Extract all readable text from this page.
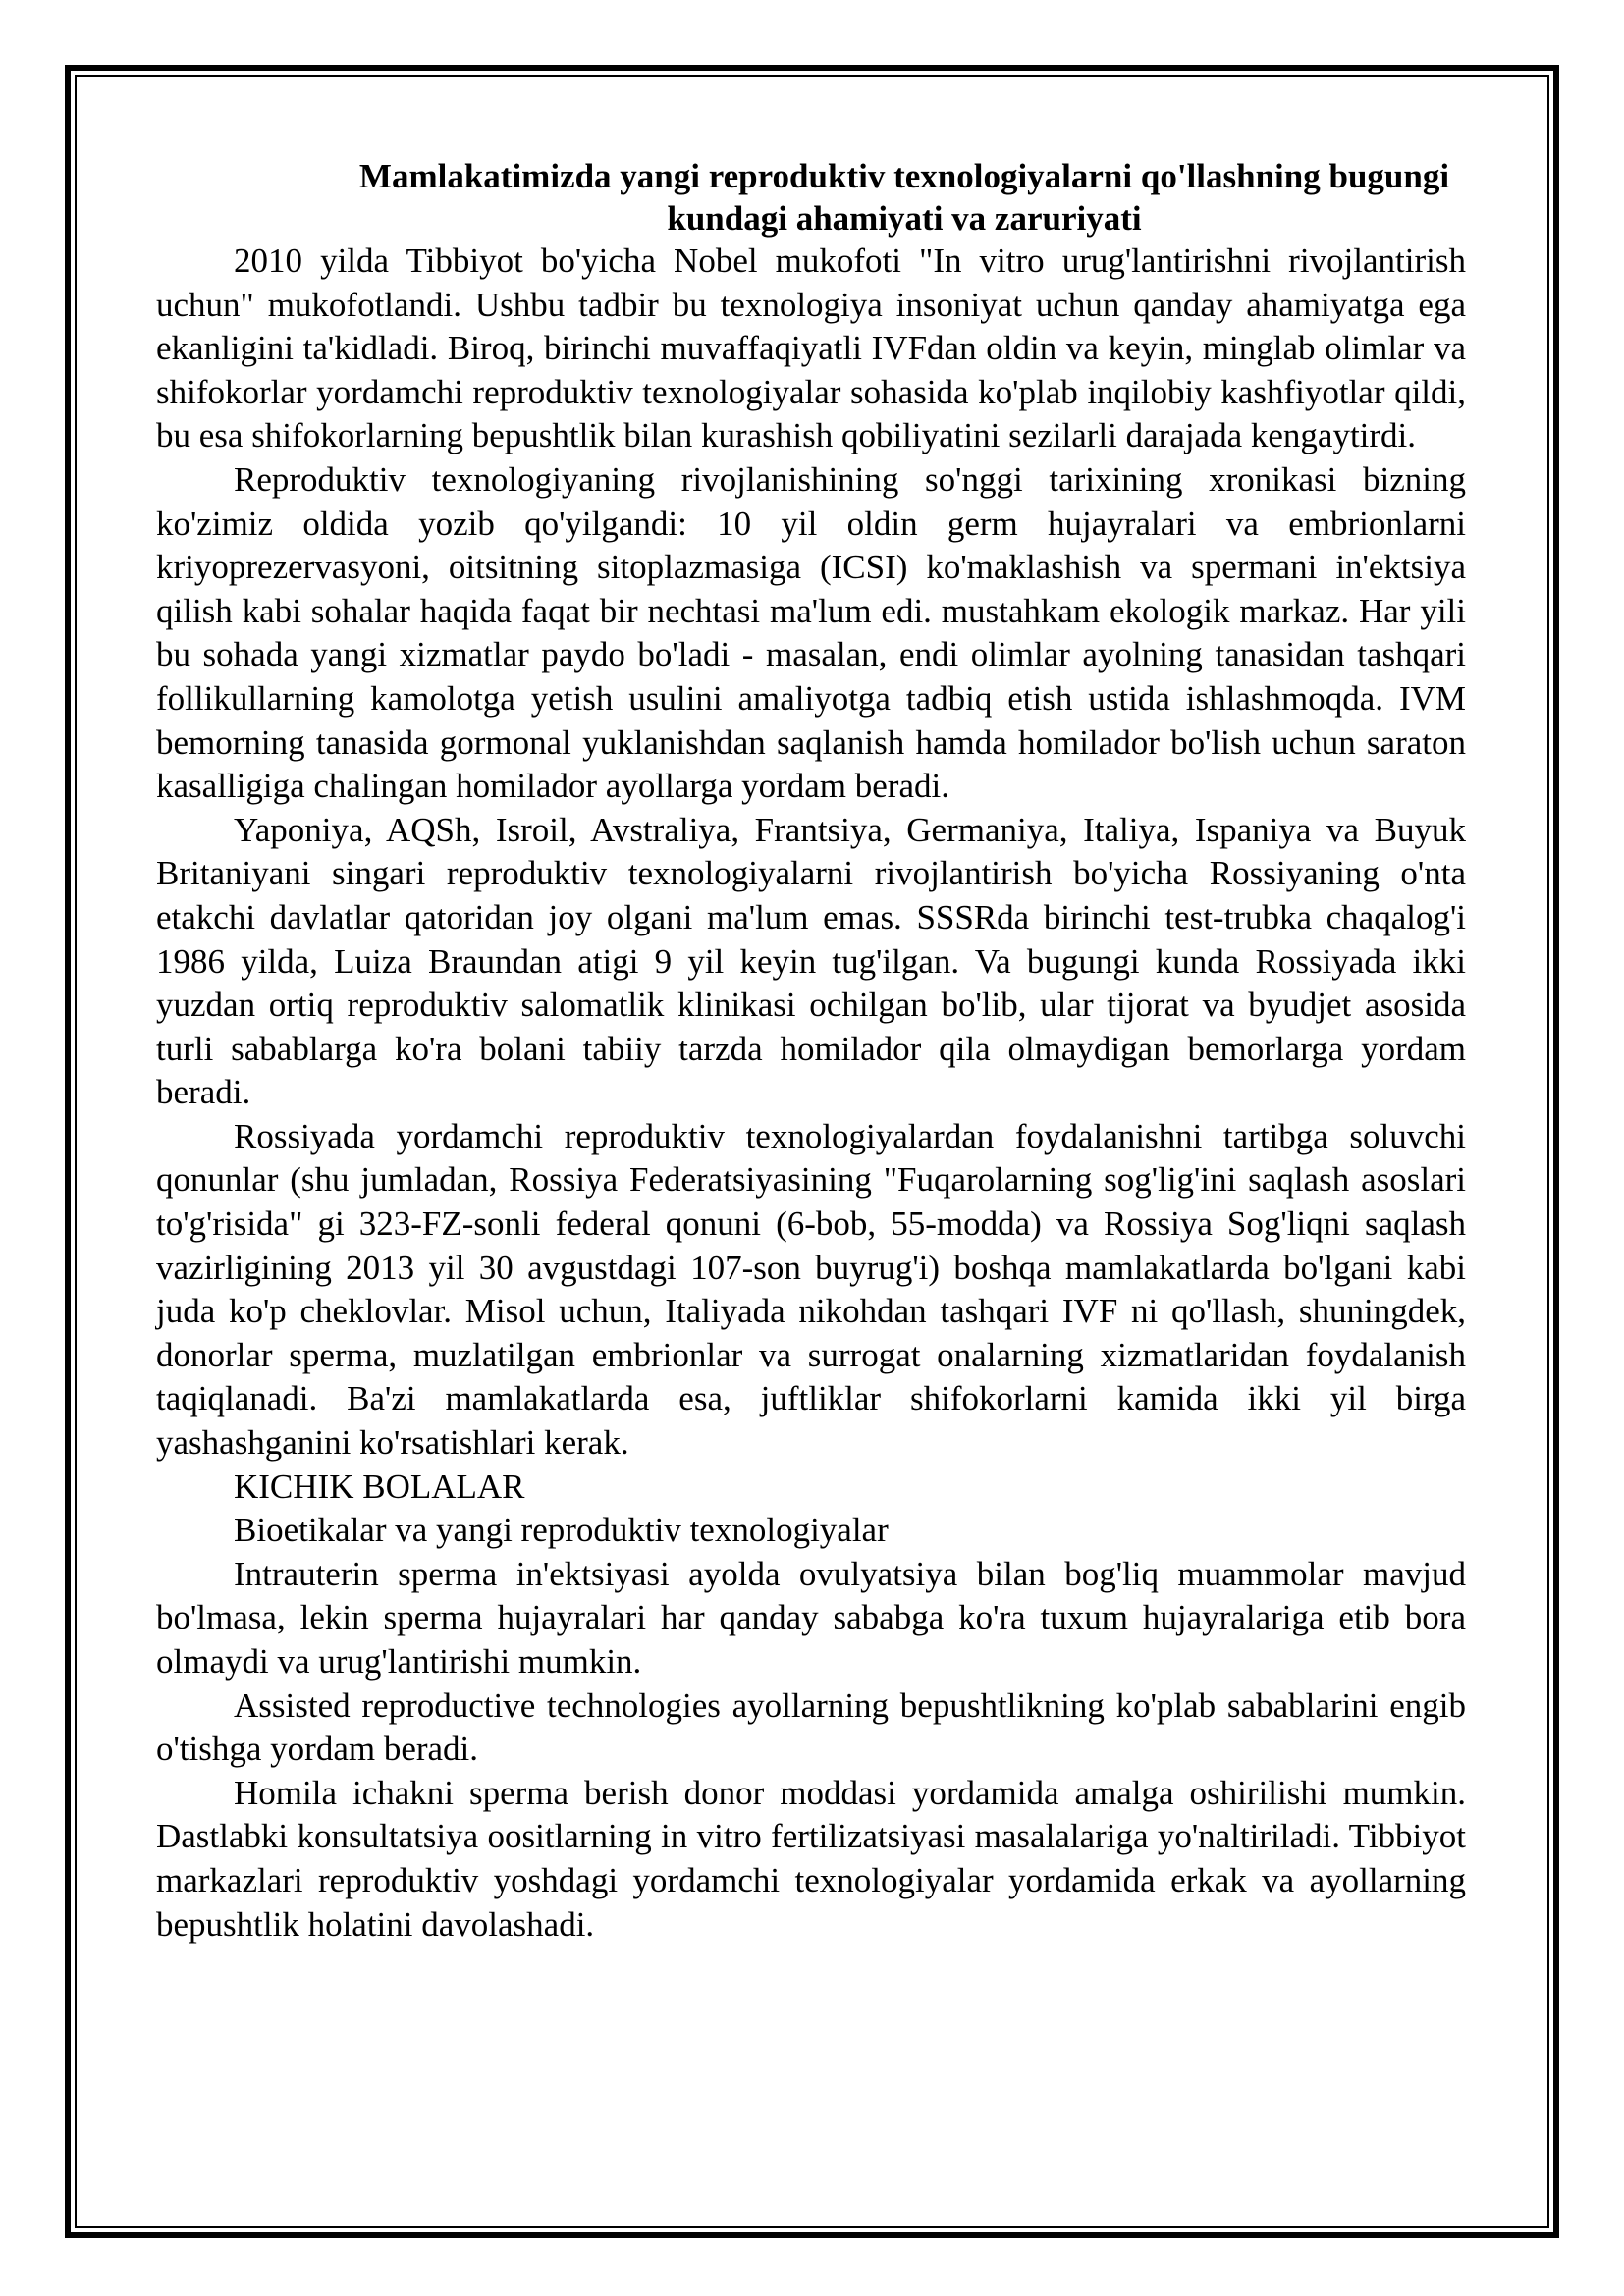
Mamlakatimizda yangi reproduktiv texnologiyalarni qo'llashning bugungi kundagi ahamiyati va zaruriyati

2010 yilda Tibbiyot bo'yicha Nobel mukofoti "In vitro urug'lantirishni rivojlantirish uchun" mukofotlandi. Ushbu tadbir bu texnologiya insoniyat uchun qanday ahamiyatga ega ekanligini ta'kidladi. Biroq, birinchi muvaffaqiyatli IVFdan oldin va keyin, minglab olimlar va shifokorlar yordamchi reproduktiv texnologiyalar sohasida ko'plab inqilobiy kashfiyotlar qildi, bu esa shifokorlarning bepushtlik bilan kurashish qobiliyatini sezilarli darajada kengaytirdi.

Reproduktiv texnologiyaning rivojlanishining so'nggi tarixining xronikasi bizning ko'zimiz oldida yozib qo'yilgandi: 10 yil oldin germ hujayralari va embrionlarni kriyoprezervasyoni, oitsitning sitoplazmasiga (ICSI) ko'maklashish va spermani in'ektsiya qilish kabi sohalar haqida faqat bir nechtasi ma'lum edi. mustahkam ekologik markaz. Har yili bu sohada yangi xizmatlar paydo bo'ladi - masalan, endi olimlar ayolning tanasidan tashqari follikullarning kamolotga yetish usulini amaliyotga tadbiq etish ustida ishlashmoqda. IVM bemorning tanasida gormonal yuklanishdan saqlanish hamda homilador bo'lish uchun saraton kasalligiga chalingan homilador ayollarga yordam beradi.

Yaponiya, AQSh, Isroil, Avstraliya, Frantsiya, Germaniya, Italiya, Ispaniya va Buyuk Britaniyani singari reproduktiv texnologiyalarni rivojlantirish bo'yicha Rossiyaning o'nta etakchi davlatlar qatoridan joy olgani ma'lum emas. SSSRda birinchi test-trubka chaqalog'i 1986 yilda, Luiza Braundan atigi 9 yil keyin tug'ilgan. Va bugungi kunda Rossiyada ikki yuzdan ortiq reproduktiv salomatlik klinikasi ochilgan bo'lib, ular tijorat va byudjet asosida turli sabablarga ko'ra bolani tabiiy tarzda homilador qila olmaydigan bemorlarga yordam beradi.

Rossiyada yordamchi reproduktiv texnologiyalardan foydalanishni tartibga soluvchi qonunlar (shu jumladan, Rossiya Federatsiyasining "Fuqarolarning sog'lig'ini saqlash asoslari to'g'risida" gi 323-FZ-sonli federal qonuni (6-bob, 55-modda) va Rossiya Sog'liqni saqlash vazirligining 2013 yil 30 avgustdagi 107-son buyrug'i) boshqa mamlakatlarda bo'lgani kabi juda ko'p cheklovlar. Misol uchun, Italiyada nikohdan tashqari IVF ni qo'llash, shuningdek, donorlar sperma, muzlatilgan embrionlar va surrogat onalarning xizmatlaridan foydalanish taqiqlanadi. Ba'zi mamlakatlarda esa, juftliklar shifokorlarni kamida ikki yil birga yashashganini ko'rsatishlari kerak.

KICHIK BOLALAR

Bioetikalar va yangi reproduktiv texnologiyalar

Intrauterin sperma in'ektsiyasi ayolda ovulyatsiya bilan bog'liq muammolar mavjud bo'lmasa, lekin sperma hujayralari har qanday sababga ko'ra tuxum hujayralariga etib bora olmaydi va urug'lantirishi mumkin.

Assisted reproductive technologies ayollarning bepushtlikning ko'plab sabablarini engib o'tishga yordam beradi.

Homila ichakni sperma berish donor moddasi yordamida amalga oshirilishi mumkin. Dastlabki konsultatsiya oositlarning in vitro fertilizatsiyasi masalalariga yo'naltiriladi. Tibbiyot markazlari reproduktiv yoshdagi yordamchi texnologiyalar yordamida erkak va ayollarning bepushtlik holatini davolashadi.
